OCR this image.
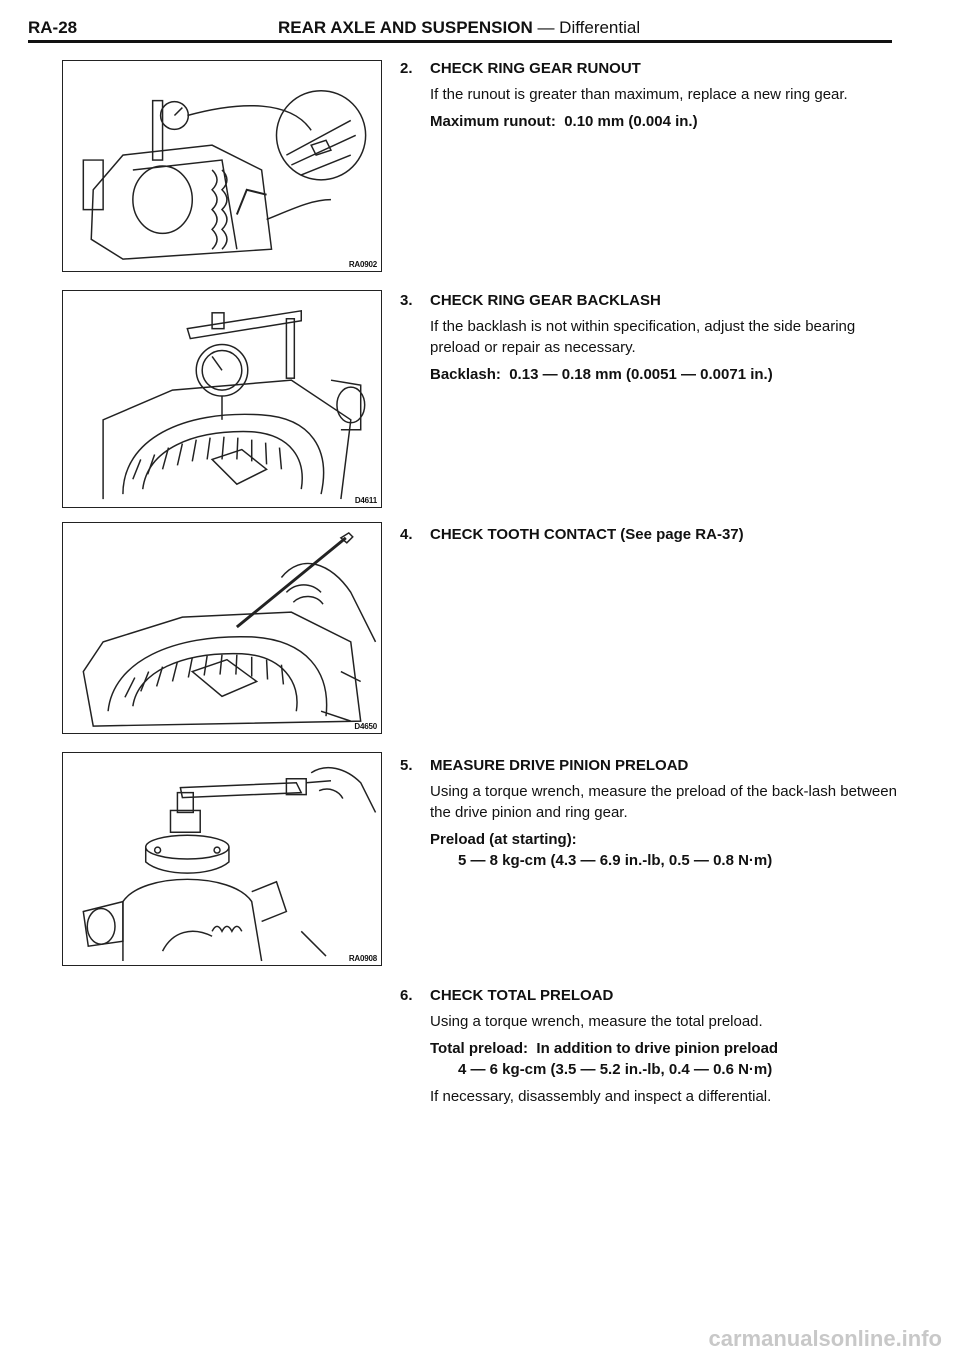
RA-28	REAR AXLE AND SUSPENSION — Differential
RA0902
D4611
D4650
RA0908
2. CHECK RING GEAR RUNOUT

If the runout is greater than maximum, replace a new ring gear.

Maximum runout: 0.10 mm (0.004 in.)

3. CHECK RING GEAR BACKLASH

If the backlash is not within specification, adjust the side bearing preload or repair as necessary.

Backlash: 0.13 — 0.18 mm (0.0051 — 0.0071 in.)

4. CHECK TOOTH CONTACT (See page RA-37)
5. MEASURE DRIVE PINION PRELOAD

Using a torque wrench, measure the preload of the back-lash between the drive pinion and ring gear.

Preload (at starting):

5 — 8 kg-cm (4.3 — 6.9 in.-lb, 0.5 — 0.8 N·m)

6. CHECK TOTAL PRELOAD

Using a torque wrench, measure the total preload.

Total preload: In addition to drive pinion preload

4 — 6 kg-cm (3.5 — 5.2 in.-lb, 0.4 — 0.6 N·m)

If necessary, disassembly and inspect a differential.

carmanualsonline.info
